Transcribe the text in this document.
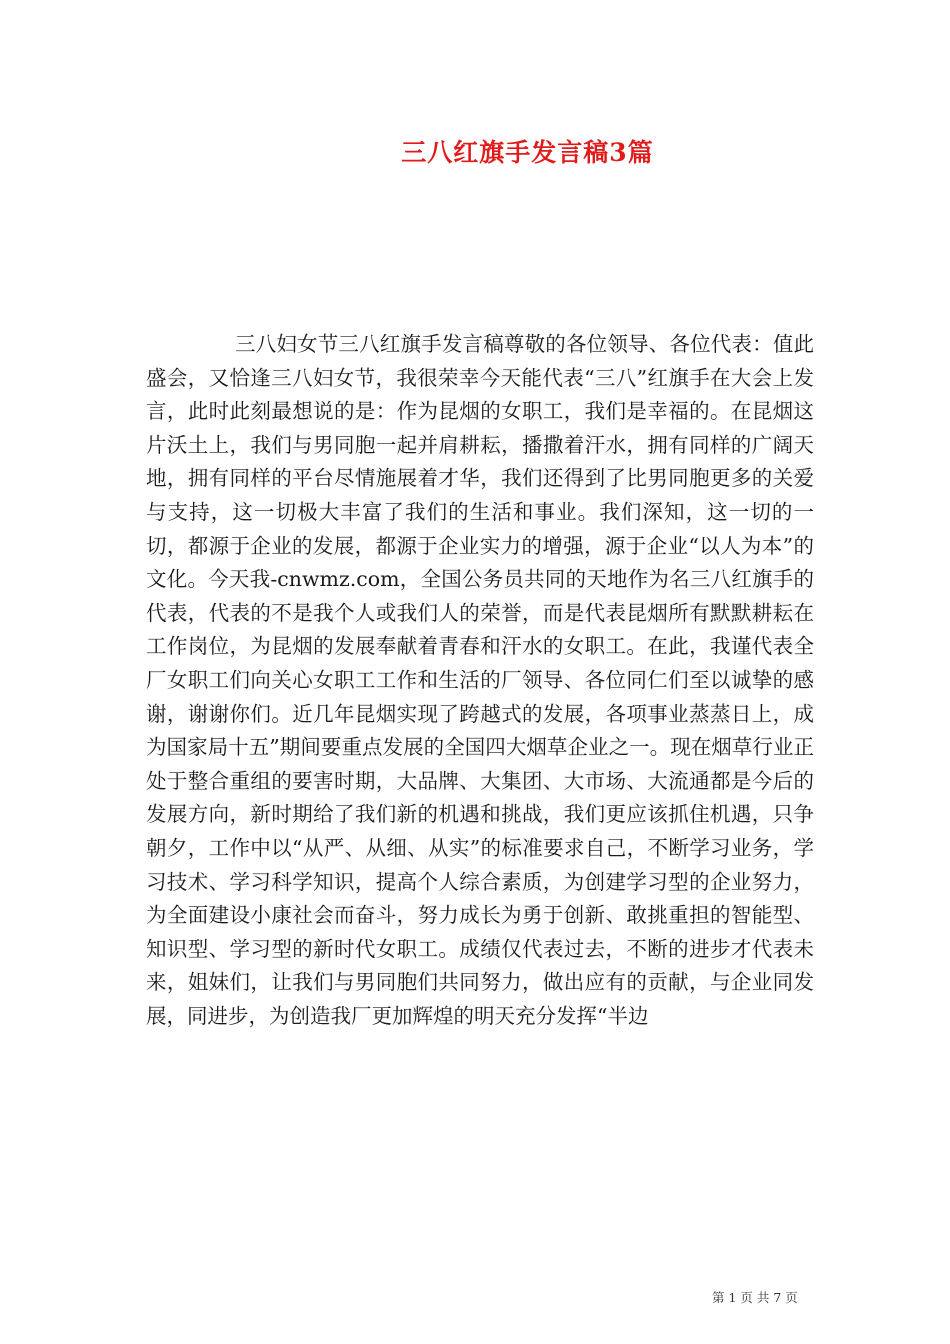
三八红旗手发言稿3篇

三八妇女节三八红旗手发言稿尊敬的各位领导、各位代表：值此盛会，又恰逢三八妇女节，我很荣幸今天能代表“三八”红旗手在大会上发言，此时此刻最想说的是：作为昆烟的女职工，我们是幸福的。在昆烟这片沃土上，我们与男同胞一起并肩耕耘，播撒着汗水，拥有同样的广阔天地，拥有同样的平台尽情施展着才华，我们还得到了比男同胞更多的关爱与支持，这一切极大丰富了我们的生活和事业。我们深知，这一切的一切，都源于企业的发展，都源于企业实力的增强，源于企业“以人为本”的文化。今天我-cnwmz.com，全国公务员共同的天地作为名三八红旗手的代表，代表的不是我个人或我们人的荣誉，而是代表昆烟所有默默耕耘在工作岗位，为昆烟的发展奉献着青春和汗水的女职工。在此，我谨代表全厂女职工们向关心女职工工作和生活的厂领导、各位同仁们至以诚挚的感谢，谢谢你们。近几年昆烟实现了跨越式的发展，各项事业蒸蒸日上，成为国家局十五”期间要重点发展的全国四大烟草企业之一。现在烟草行业正处于整合重组的要害时期，大品牌、大集团、大市场、大流通都是今后的发展方向，新时期给了我们新的机遇和挑战，我们更应该抓住机遇，只争朝夕，工作中以“从严、从细、从实”的标准要求自己，不断学习业务，学习技术、学习科学知识，提高个人综合素质，为创建学习型的企业努力，为全面建设小康社会而奋斗，努力成长为勇于创新、敢挑重担的智能型、知识型、学习型的新时代女职工。成绩仅代表过去，不断的进步才代表未来，姐妹们，让我们与男同胞们共同努力，做出应有的贡献，与企业同发展，同进步，为创造我厂更加辉煌的明天充分发挥“半边

第 1 页 共 7 页
